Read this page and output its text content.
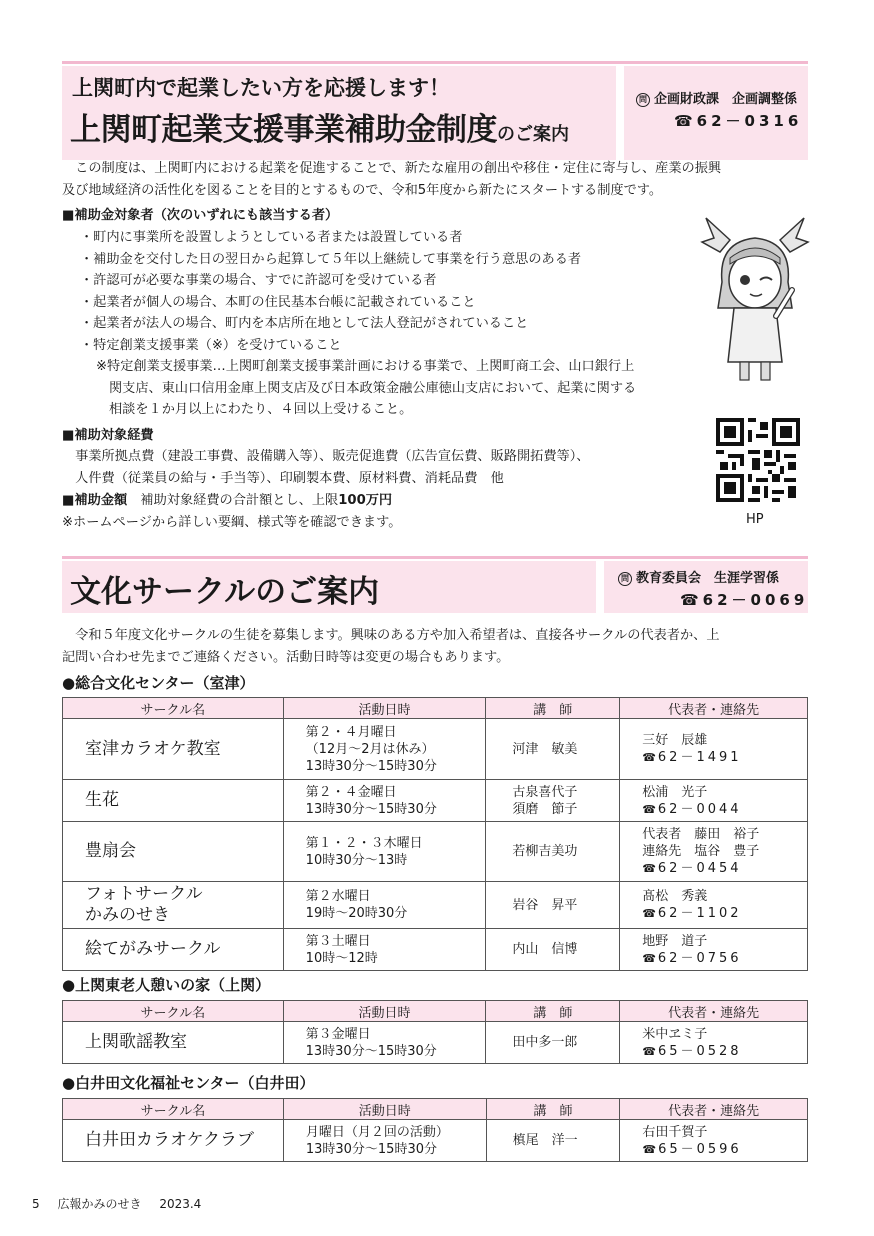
上関町内で起業したい方を応援します！
上関町起業支援事業補助金制度のご案内
問 企画財政課　企画調整係
☎62－0316
　この制度は、上関町内における起業を促進することで、新たな雇用の創出や移住・定住に寄与し、産業の振興
及び地域経済の活性化を図ることを目的とするもので、令和5年度から新たにスタートする制度です。
■補助金対象者（次のいずれにも該当する者）
・町内に事業所を設置しようとしている者または設置している者
・補助金を交付した日の翌日から起算して５年以上継続して事業を行う意思のある者
・許認可が必要な事業の場合、すでに許認可を受けている者
・起業者が個人の場合、本町の住民基本台帳に記載されていること
・起業者が法人の場合、町内を本店所在地として法人登記がされていること
・特定創業支援事業（※）を受けていること
※特定創業支援事業…上関町創業支援事業計画における事業で、上関町商工会、山口銀行上
関支店、東山口信用金庫上関支店及び日本政策金融公庫徳山支店において、起業に関する
相談を１か月以上にわたり、４回以上受けること。
■補助対象経費
　事業所拠点費（建設工事費、設備購入等）、販売促進費（広告宣伝費、販路開拓費等）、
　人件費（従業員の給与・手当等）、印刷製本費、原材料費、消耗品費　他
■補助金額　 補助対象経費の合計額とし、上限100万円
※ホームページから詳しい要綱、様式等を確認できます。	HP
文化サークルのご案内	問 教育委員会　生涯学習係
☎62－0069
　令和５年度文化サークルの生徒を募集します。興味のある方や加入希望者は、直接各サークルの代表者か、上
記問い合わせ先までご連絡ください。活動日時等は変更の場合もあります。
●総合文化センター（室津）
サークル名	活動日時	講　師	代表者・連絡先

室津カラオケ教室	第２・４月曜日
（12月～2月は休み）
13時30分～15時30分	河津　敏美	三好　辰雄
☎ 62－1491

生花	第２・４金曜日
13時30分～15時30分	古泉喜代子
須磨　節子	松浦　光子
☎ 62－0044

豊扇会	第１・２・３木曜日
10時30分～13時	若柳吉美功	代表者　藤田　裕子
連絡先　塩谷　豊子
☎ 62－0454

フォトサークル
かみのせき	第２水曜日
19時～20時30分	岩谷　昇平	髙松　秀義
☎ 62－1102

絵てがみサークル	第３土曜日
10時～12時	内山　信博	地野　道子
☎ 62－0756
●上関東老人憩いの家（上関）
サークル名	活動日時	講　師	代表者・連絡先

上関歌謡教室	第３金曜日
13時30分～15時30分	田中多一郎	米中ヱミ子
☎ 65－0528
●白井田文化福祉センター（白井田）
サークル名	活動日時	講　師	代表者・連絡先

白井田カラオケクラブ	月曜日（月２回の活動）
13時30分～15時30分	槙尾　洋一	右田千賀子
☎ 65－0596
5 広報かみのせき 2023.4
